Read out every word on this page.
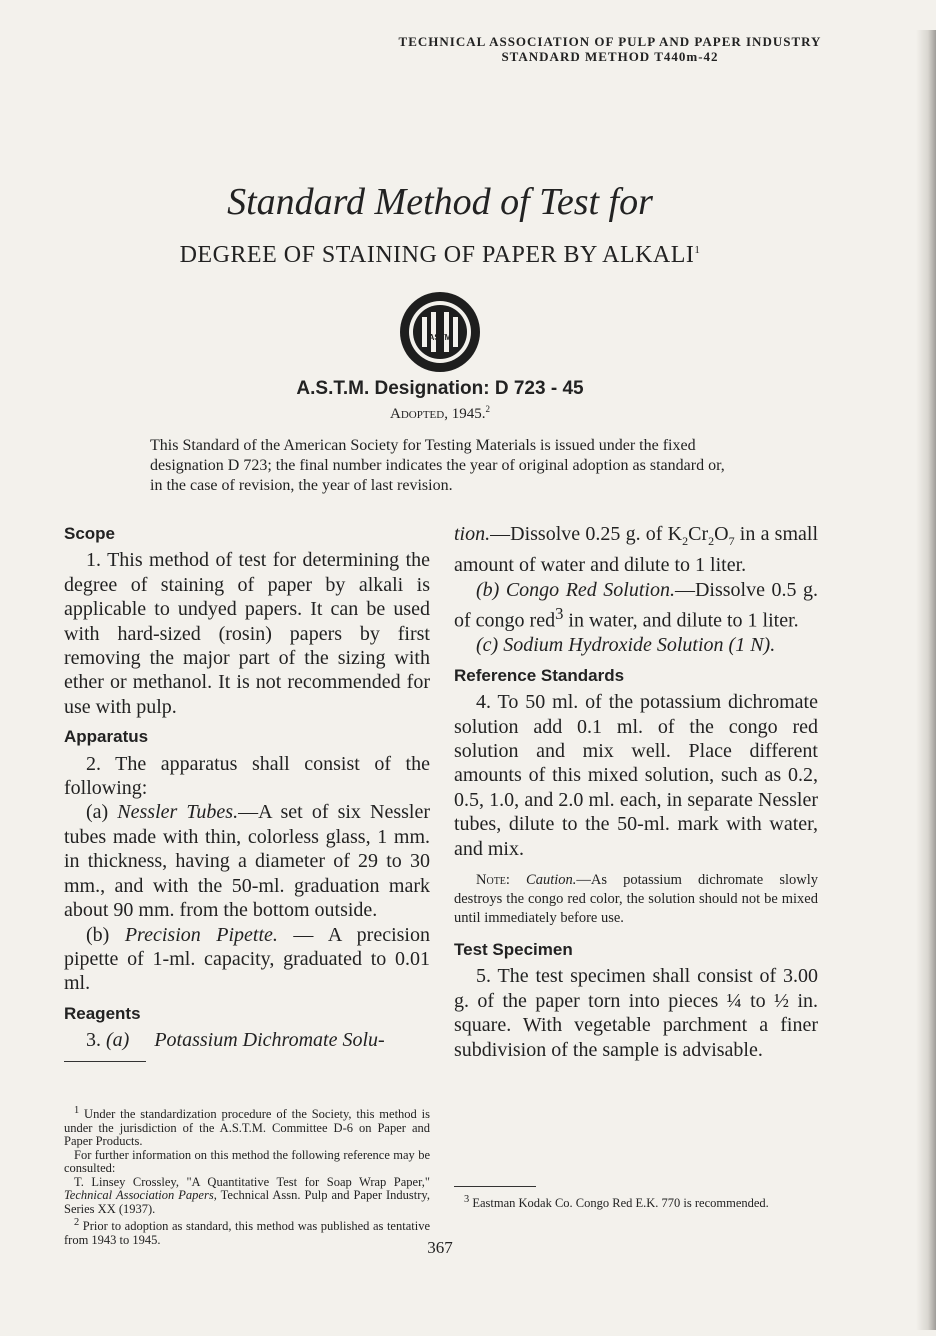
TECHNICAL ASSOCIATION OF PULP AND PAPER INDUSTRY
STANDARD METHOD T440m-42
Standard Method of Test for
DEGREE OF STAINING OF PAPER BY ALKALI$^1$
ASTM
A.S.T.M. Designation: D 723 - 45
Adopted, 1945.$^2$
This Standard of the American Society for Testing Materials is issued under the fixed designation D 723; the final number indicates the year of original adoption as standard or, in the case of revision, the year of last revision.
Scope

1. This method of test for determining the degree of staining of paper by alkali is applicable to undyed papers. It can be used with hard-sized (rosin) papers by first removing the major part of the sizing with ether or methanol. It is not recommended for use with pulp.

Apparatus

2. The apparatus shall consist of the following:

(a) Nessler Tubes.—A set of six Nessler tubes made with thin, colorless glass, 1 mm. in thickness, having a diameter of 29 to 30 mm., and with the 50-ml. graduation mark about 90 mm. from the bottom outside.

(b) Precision Pipette. — A precision pipette of 1-ml. capacity, graduated to 0.01 ml.

Reagents

3. (a) Potassium Dichromate Solu-

$^1$ Under the standardization procedure of the Society, this method is under the jurisdiction of the A.S.T.M. Committee D-6 on Paper and Paper Products.

For further information on this method the following reference may be consulted:

T. Linsey Crossley, "A Quantitative Test for Soap Wrap Paper," Technical Association Papers, Technical Assn. Pulp and Paper Industry, Series XX (1937).

$^2$ Prior to adoption as standard, this method was published as tentative from 1943 to 1945.

tion.—Dissolve 0.25 g. of $K_2Cr_2O_7$ in a small amount of water and dilute to 1 liter.

(b) Congo Red Solution.—Dissolve 0.5 g. of congo red$^3$ in water, and dilute to 1 liter.

(c) Sodium Hydroxide Solution (1 N).

Reference Standards

4. To 50 ml. of the potassium dichromate solution add 0.1 ml. of the congo red solution and mix well. Place different amounts of this mixed solution, such as 0.2, 0.5, 1.0, and 2.0 ml. each, in separate Nessler tubes, dilute to the 50-ml. mark with water, and mix.

Note: Caution.—As potassium dichromate slowly destroys the congo red color, the solution should not be mixed until immediately before use.

Test Specimen

5. The test specimen shall consist of 3.00 g. of the paper torn into pieces ¼ to ½ in. square. With vegetable parchment a finer subdivision of the sample is advisable.

$^3$ Eastman Kodak Co. Congo Red E.K. 770 is recommended.

367
